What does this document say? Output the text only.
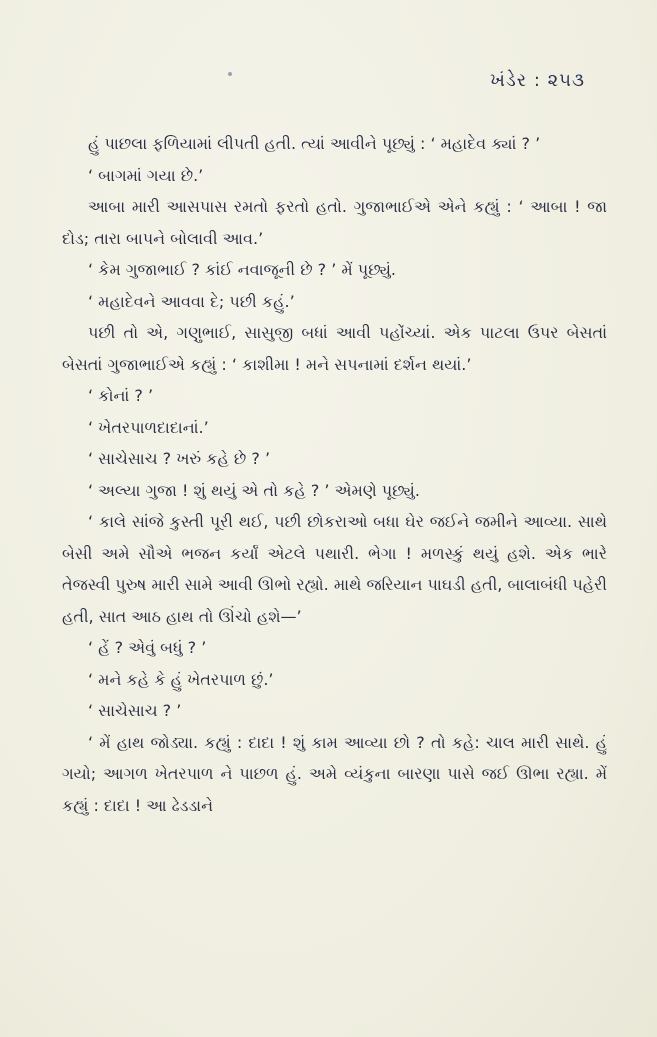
ખંડેર : ૨૫૩

હું પાછલા ફળિયામાં લીપતી હતી. ત્યાં આવીને પૂછ્યું : ‘ મહાદેવ ક્યાં ? ’

‘ બાગમાં ગયા છે.’

આબા મારી આસપાસ રમતો ફરતો હતો. ગુજાભાઈએ એને કહ્યું : ‘ આબા ! જા દોડ; તારા બાપને બોલાવી આવ.’

‘ કેમ ગુજાભાઈ ? કાંઈ નવાજૂની છે ? ’ મેં પૂછ્યું.

‘ મહાદેવને આવવા દે; પછી કહું.’

પછી તો એ, ગણુભાઈ, સાસુજી બધાં આવી પહોંચ્યાં. એક પાટલા ઉપર બેસતાં બેસતાં ગુજાભાઈએ કહ્યું : ‘ કાશીમા ! મને સપનામાં દર્શન થયાં.’

‘ કોનાં ? ’

‘ ખેતરપાળદાદાનાં.’

‘ સાચેસાચ ? ખરું કહે છે ? ’

‘ અલ્યા ગુજા ! શું થયું એ તો કહે ? ’ એમણે પૂછ્યું.

‘ કાલે સાંજે કુસ્તી પૂરી થઈ, પછી છોકરાઓ બધા ઘેર જઈને જમીને આવ્યા. સાથે બેસી અમે સૌએ ભજન કર્યાં એટલે પથારી. ભેગા ! મળસ્કું થયું હશે. એક ભારે તેજસ્વી પુરુષ મારી સામે આવી ઊભો રહ્યો. માથે જરિયાન પાઘડી હતી, બાલાબંધી પહેરી હતી, સાત આઠ હાથ તો ઊંચો હશે—’

‘ હેં ? એવું બધું ? ’

‘ મને કહે કે હું ખેતરપાળ છું.’

‘ સાચેસાચ ? ’

‘ મેં હાથ જોડ્યા. કહ્યું : દાદા ! શું કામ આવ્યા છો ? તો કહે: ચાલ મારી સાથે. હું ગયો; આગળ ખેતરપાળ ને પાછળ હું. અમે વ્યંકુના બારણા પાસે જઈ ઊભા રહ્યા. મેં કહ્યું : દાદા ! આ ઢેડડાને
